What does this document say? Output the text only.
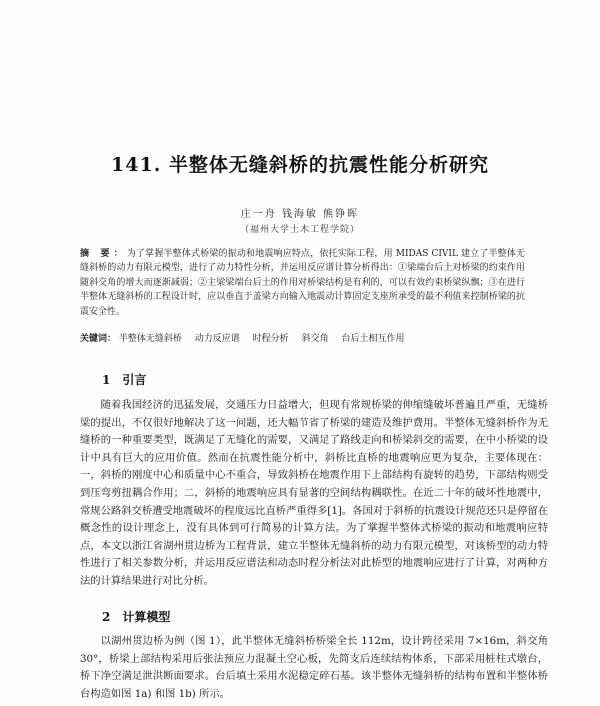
141. 半整体无缝斜桥的抗震性能分析研究
庄一舟 钱海敏 熊铮晖
（福州大学土木工程学院）
摘 要：为了掌握半整体式桥梁的振动和地震响应特点，依托实际工程，用 MIDAS CIVIL 建立了半整体无缝斜桥的动力有限元模型，进行了动力特性分析，并运用反应谱计算分析得出：①梁端台后土对桥梁的约束作用随斜交角的增大而逐渐减弱；②主梁梁端台后土的作用对桥梁结构是有利的，可以有效约束桥梁纵飘；③在进行半整体无缝斜桥的工程设计时，应以垂直于盖梁方向输入地震动计算固定支座所承受的最不利值来控制桥梁的抗震安全性。
关键词： 半整体无缝斜桥 动力反应谱 时程分析 斜交角 台后土相互作用
1 引言
随着我国经济的迅猛发展，交通压力日益增大，但现有常规桥梁的伸缩缝破坏普遍且严重，无缝桥梁的提出，不仅很好地解决了这一问题，还大幅节省了桥梁的建造及维护费用。半整体无缝斜桥作为无缝桥的一种重要类型，既满足了无缝化的需要，又满足了路线走向和桥梁斜交的需要，在中小桥梁的设计中具有巨大的应用价值。然而在抗震性能分析中，斜桥比直桥的地震响应更为复杂，主要体现在：一，斜桥的刚度中心和质量中心不重合，导致斜桥在地震作用下上部结构有旋转的趋势，下部结构则受到压弯剪扭耦合作用；二，斜桥的地震响应具有显著的空间结构耦联性。在近二十年的破坏性地震中，常规公路斜交桥遭受地震破坏的程度远比直桥严重得多[1]。各国对于斜桥的抗震设计规范还只是停留在概念性的设计理念上，没有具体到可行简易的计算方法。为了掌握半整体式桥梁的振动和地震响应特点，本文以浙江省湖州贯边桥为工程背景，建立半整体无缝斜桥的动力有限元模型，对该桥型的动力特性进行了相关参数分析，并运用反应谱法和动态时程分析法对此桥型的地震响应进行了计算，对两种方法的计算结果进行对比分析。
2 计算模型
以湖州贯边桥为例（图 1），此半整体无缝斜桥桥梁全长 112m，设计跨径采用 7×16m，斜交角 30°，桥梁上部结构采用后张法预应力混凝土空心板，先简支后连续结构体系，下部采用桩柱式墩台，桥下净空满足泄洪断面要求。台后填土采用水泥稳定碎石基。该半整体无缝斜桥的结构布置和半整体桥台构造如图 1a) 和图 1b) 所示。
